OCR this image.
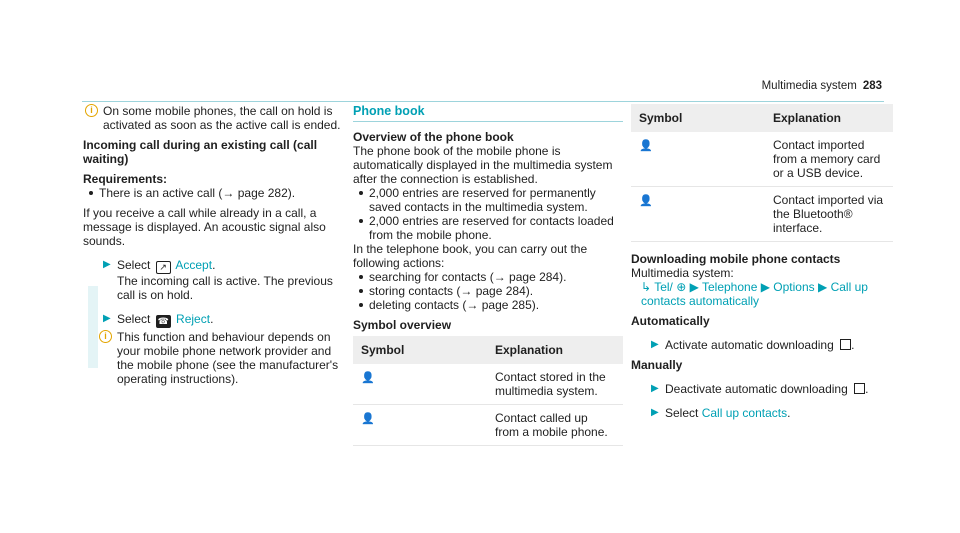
Multimedia system 283
i On some mobile phones, the call on hold is activated as soon as the active call is ended.
Incoming call during an existing call (call waiting)
Requirements:
There is an active call (→ page 282).
If you receive a call while already in a call, a message is displayed. An acoustic signal also sounds.
▶ Select ↗ Accept.
The incoming call is active. The previous call is on hold.
▶ Select ☎ Reject.
i This function and behaviour depends on your mobile phone network provider and the mobile phone (see the manufacturer's operating instructions).
Phone book
Overview of the phone book
The phone book of the mobile phone is automatically displayed in the multimedia system after the connection is established.
2,000 entries are reserved for permanently saved contacts in the multimedia system.
2,000 entries are reserved for contacts loaded from the mobile phone.
In the telephone book, you can carry out the following actions:
searching for contacts (→ page 284).
storing contacts (→ page 284).
deleting contacts (→ page 285).
Symbol overview
Symbol	Explanation
👤	Contact stored in the multimedia system.
👤	Contact called up from a mobile phone.
Symbol	Explanation
👤	Contact imported from a memory card or a USB device.
👤	Contact imported via the Bluetooth® interface.
Downloading mobile phone contacts
Multimedia system:
↳ Tel/ ⊕ ▶ Telephone ▶ Options ▶ Call up contacts automatically
Automatically
▶ Activate automatic downloading .
Manually
▶ Deactivate automatic downloading .
▶ Select Call up contacts.
